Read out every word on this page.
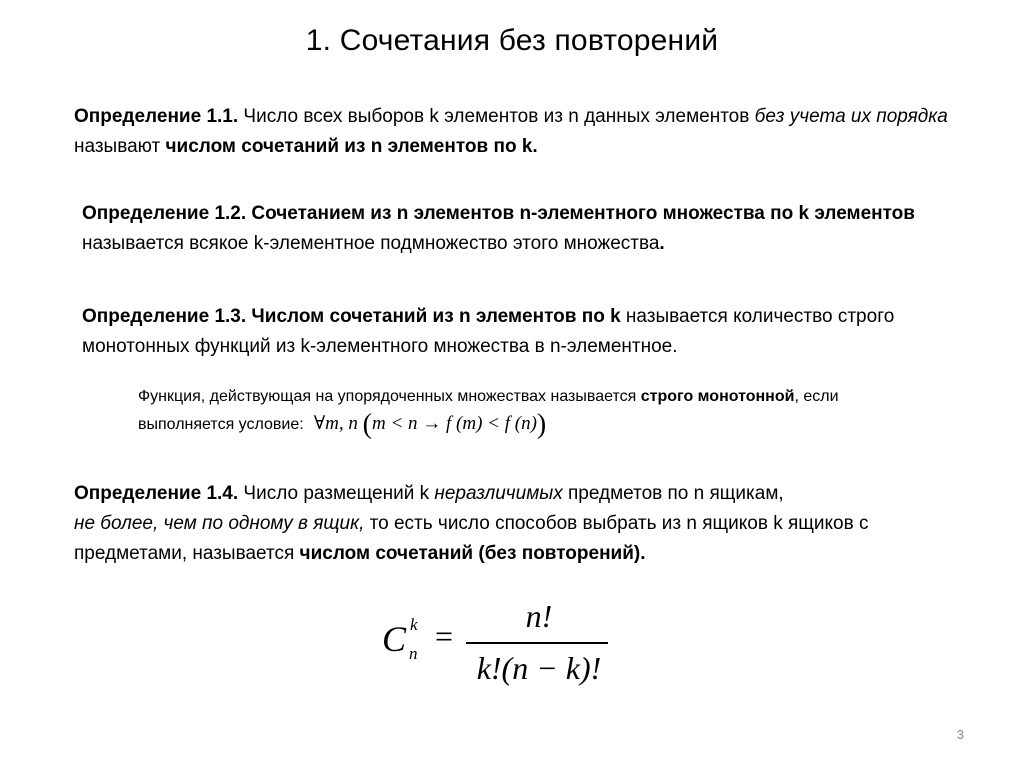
1. Сочетания без повторений
Определение 1.1. Число всех выборов k элементов из n данных элементов без учета их порядка называют числом сочетаний из n элементов по k.
Определение 1.2. Сочетанием из n элементов n-элементного множества по k элементов называется всякое k-элементное подмножество этого множества.
Определение 1.3. Числом сочетаний из n элементов по k называется количество строго монотонных функций из k-элементного множества в n-элементное.
Функция, действующая на упорядоченных множествах называется строго монотонной, если выполняется условие: ∀m, n (m < n → f (m) < f (n))
Определение 1.4. Число размещений k неразличимых предметов по n ящикам,
не более, чем по одному в ящик, то есть число способов выбрать из n ящиков k ящиков с предметами, называется числом сочетаний (без повторений).
C k
n =
n!
k!(n − k)!
3
